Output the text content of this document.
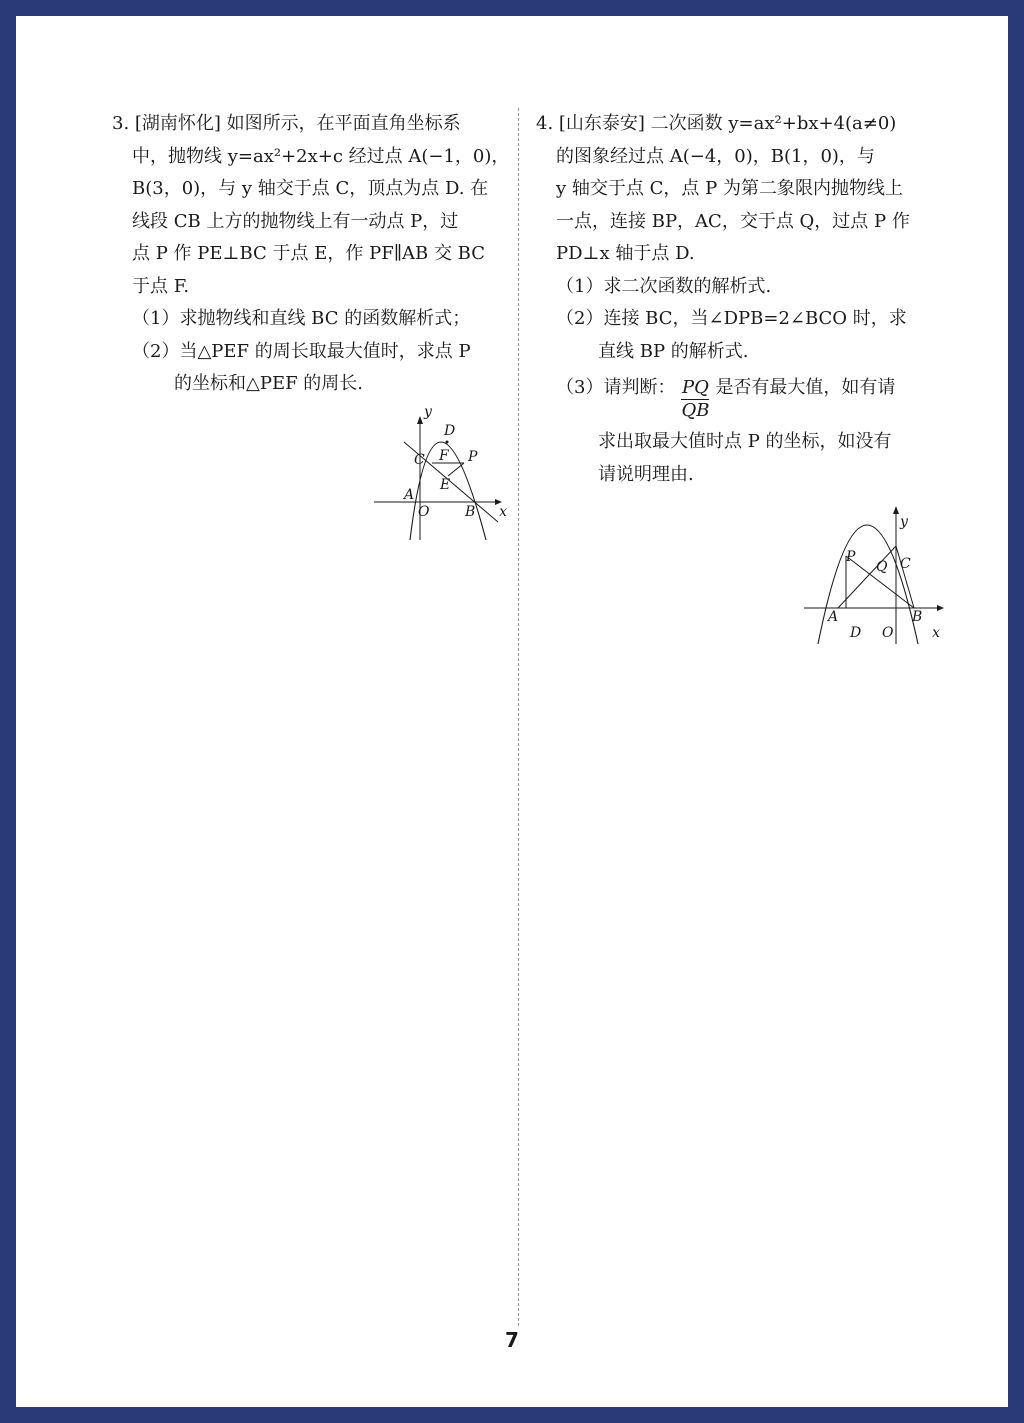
3. [湖南怀化] 如图所示，在平面直角坐标系
中，抛物线 y=ax²+2x+c 经过点 A(−1，0)，
B(3，0)，与 y 轴交于点 C，顶点为点 D. 在
线段 CB 上方的抛物线上有一动点 P，过
点 P 作 PE⊥BC 于点 E，作 PF∥AB 交 BC
于点 F.
（1）求抛物线和直线 BC 的函数解析式；
（2）当△PEF 的周长取最大值时，求点 P
的坐标和△PEF 的周长.
y
x
D
C F P
E
A
O	B
4. [山东泰安] 二次函数 y=ax²+bx+4(a≠0)
的图象经过点 A(−4，0)，B(1，0)，与
y 轴交于点 C，点 P 为第二象限内抛物线上
一点，连接 BP，AC，交于点 Q，过点 P 作
PD⊥x 轴于点 D.
（1）求二次函数的解析式.
（2）连接 BC，当∠DPB=2∠BCO 时，求
直线 BP 的解析式.
（3）请判断： $\frac{PQ}{QB}$ 是否有最大值，如有请
求出取最大值时点 P 的坐标，如没有
请说明理由.
y
x
P
Q C
A
D O
B
7
